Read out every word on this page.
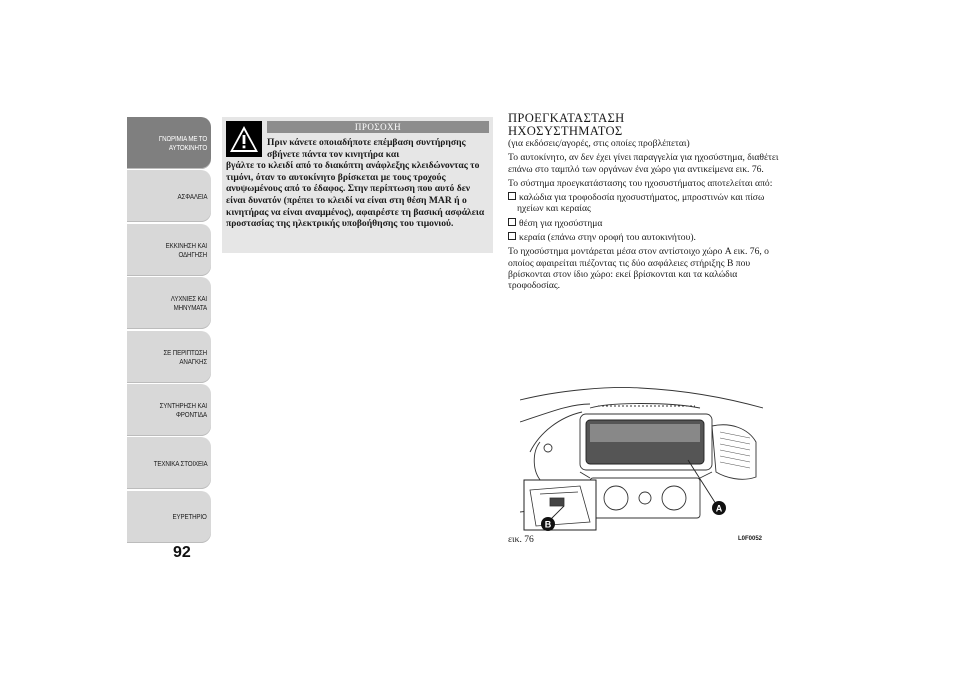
ΓΝΩΡΙΜΙΑ ΜΕ ΤΟ ΑΥΤΟΚΙΝΗΤΟ
ΑΣΦΑΛΕΙΑ
ΕΚΚΙΝΗΣΗ ΚΑΙ ΟΔΗΓΗΣΗ
ΛΥΧΝΙΕΣ ΚΑΙ ΜΗΝΥΜΑΤΑ
ΣΕ ΠΕΡΙΠΤΩΣΗ ΑΝΑΓΚΗΣ
ΣΥΝΤΗΡΗΣΗ ΚΑΙ ΦΡΟΝΤΙΔΑ
ΤΕΧΝΙΚΑ ΣΤΟΙΧΕΙΑ
ΕΥΡΕΤΗΡΙΟ
92
ΠΡΟΣΟΧΗ
Πριν κάνετε οποιαδήποτε επέμβαση συντήρησης σβήνετε πάντα τον κινητήρα και
βγάλτε το κλειδί από το διακόπτη ανάφλεξης κλειδώνοντας το τιμόνι, όταν το αυτοκίνητο βρίσκεται με τους τροχούς ανυψωμένους από το έδαφος. Στην περίπτωση που αυτό δεν είναι δυνατόν (πρέπει το κλειδί να είναι στη θέση MAR ή ο κινητήρας να είναι αναμμένος), αφαιρέστε τη βασική ασφάλεια προστασίας της ηλεκτρικής υποβοήθησης του τιμονιού.
ΠΡΟΕΓΚΑΤΑΣΤΑΣΗ
ΗΧΟΣΥΣΤΗΜΑΤΟΣ

(για εκδόσεις/αγορές, στις οποίες προβλέπεται)

Το αυτοκίνητο, αν δεν έχει γίνει παραγγελία για ηχοσύστημα, διαθέτει επάνω στο ταμπλό των οργάνων ένα χώρο για αντικείμενα εικ. 76.

Το σύστημα προεγκατάστασης του ηχοσυστήματος αποτελείται από:

καλώδια για τροφοδοσία ηχοσυστήματος, μπροστινών και πίσω ηχείων και κεραίας

θέση για ηχοσύστημα

κεραία (επάνω στην οροφή του αυτοκινήτου).

Το ηχοσύστημα μοντάρεται μέσα στον αντίστοιχο χώρο A εικ. 76, ο οποίος αφαιρείται πιέζοντας τις δύο ασφάλειες στήριξης B που βρίσκονται στον ίδιο χώρο: εκεί βρίσκονται και τα καλώδια τροφοδοσίας.

A
B
εικ. 76	L0F0052
